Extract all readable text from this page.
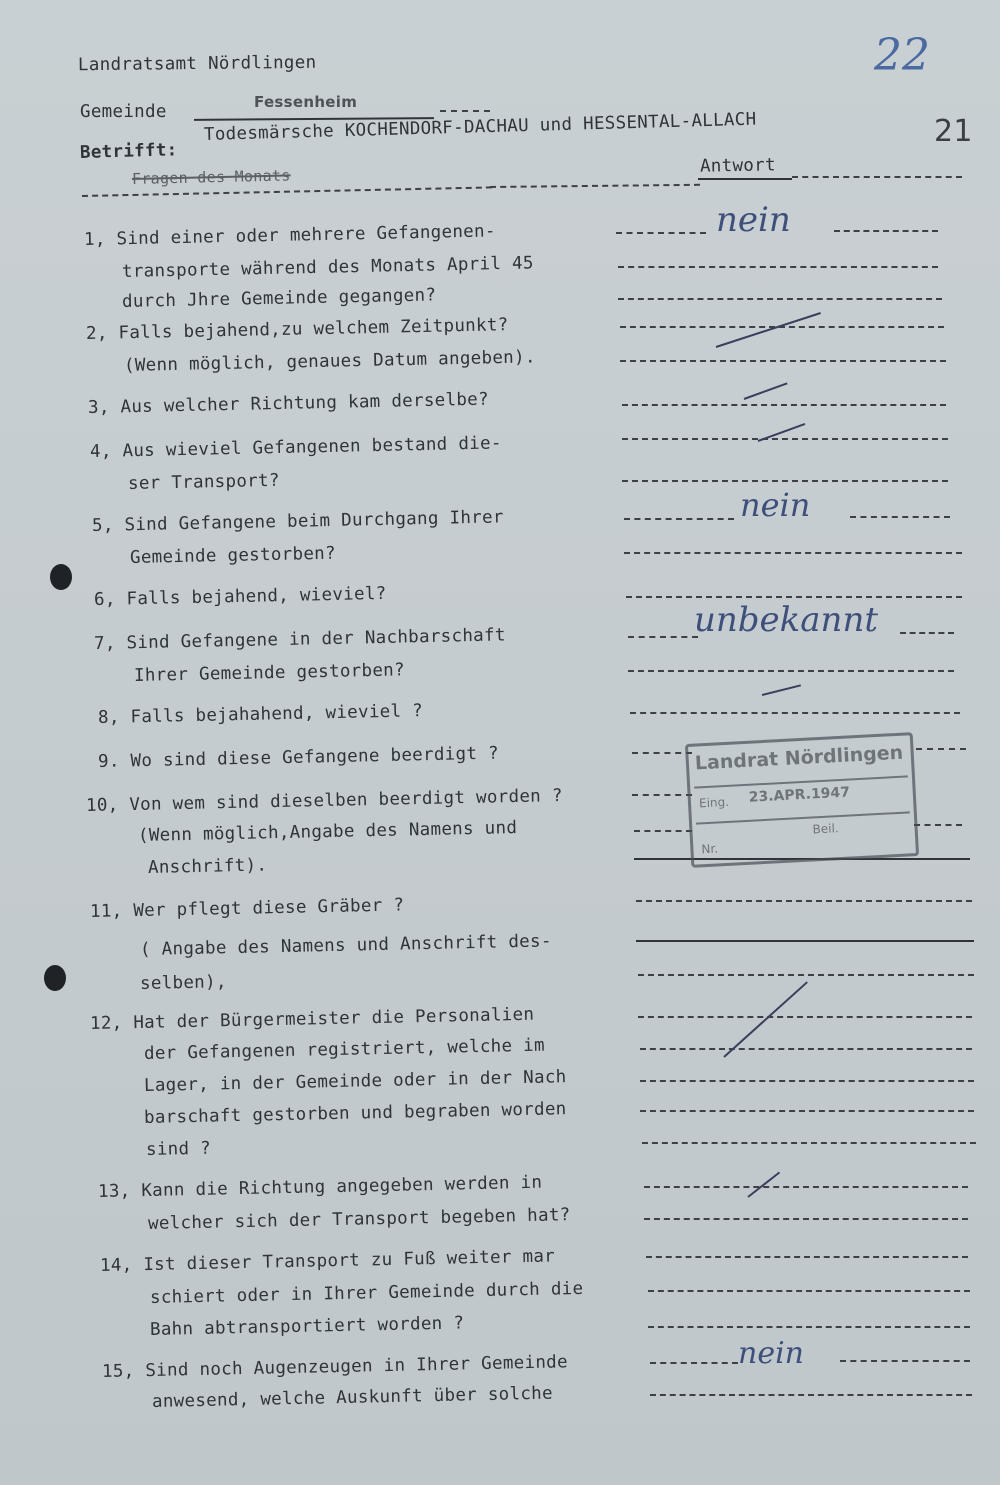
Landratsamt Nördlingen	22
21
Gemeinde	Fessenheim
Betrifft:
Todesmärsche KOCHENDORF-DACHAU und HESSENTAL-ALLACH
Fragen des Monats
Antwort
1, Sind einer oder mehrere Gefangenen-
transporte während des Monats April 45
durch Jhre Gemeinde gegangen?
2, Falls bejahend,zu welchem Zeitpunkt?
(Wenn möglich, genaues Datum angeben).
3, Aus welcher Richtung kam derselbe?
4, Aus wieviel Gefangenen bestand die-
ser Transport?
5, Sind Gefangene beim Durchgang Ihrer
Gemeinde gestorben?
6, Falls bejahend, wieviel?
7, Sind Gefangene in der Nachbarschaft
Ihrer Gemeinde gestorben?
8, Falls bejahahend, wieviel ?
9. Wo sind diese Gefangene beerdigt ?
10, Von wem sind dieselben beerdigt worden ?
(Wenn möglich,Angabe des Namens und
Anschrift).
11, Wer pflegt diese Gräber ?
( Angabe des Namens und Anschrift des-
selben),
12, Hat der Bürgermeister die Personalien
der Gefangenen registriert, welche im
Lager, in der Gemeinde oder in der Nach
barschaft gestorben und begraben worden
sind ?
13, Kann die Richtung angegeben werden in
welcher sich der Transport begeben hat?
14, Ist dieser Transport zu Fuß weiter mar
schiert oder in Ihrer Gemeinde durch die
Bahn abtransportiert worden ?
15, Sind noch Augenzeugen in Ihrer Gemeinde
anwesend, welche Auskunft über solche
nein
nein
unbekannt
nein
Landrat Nördlingen
Eing. 23.APR.1947
Beil.
Nr.
